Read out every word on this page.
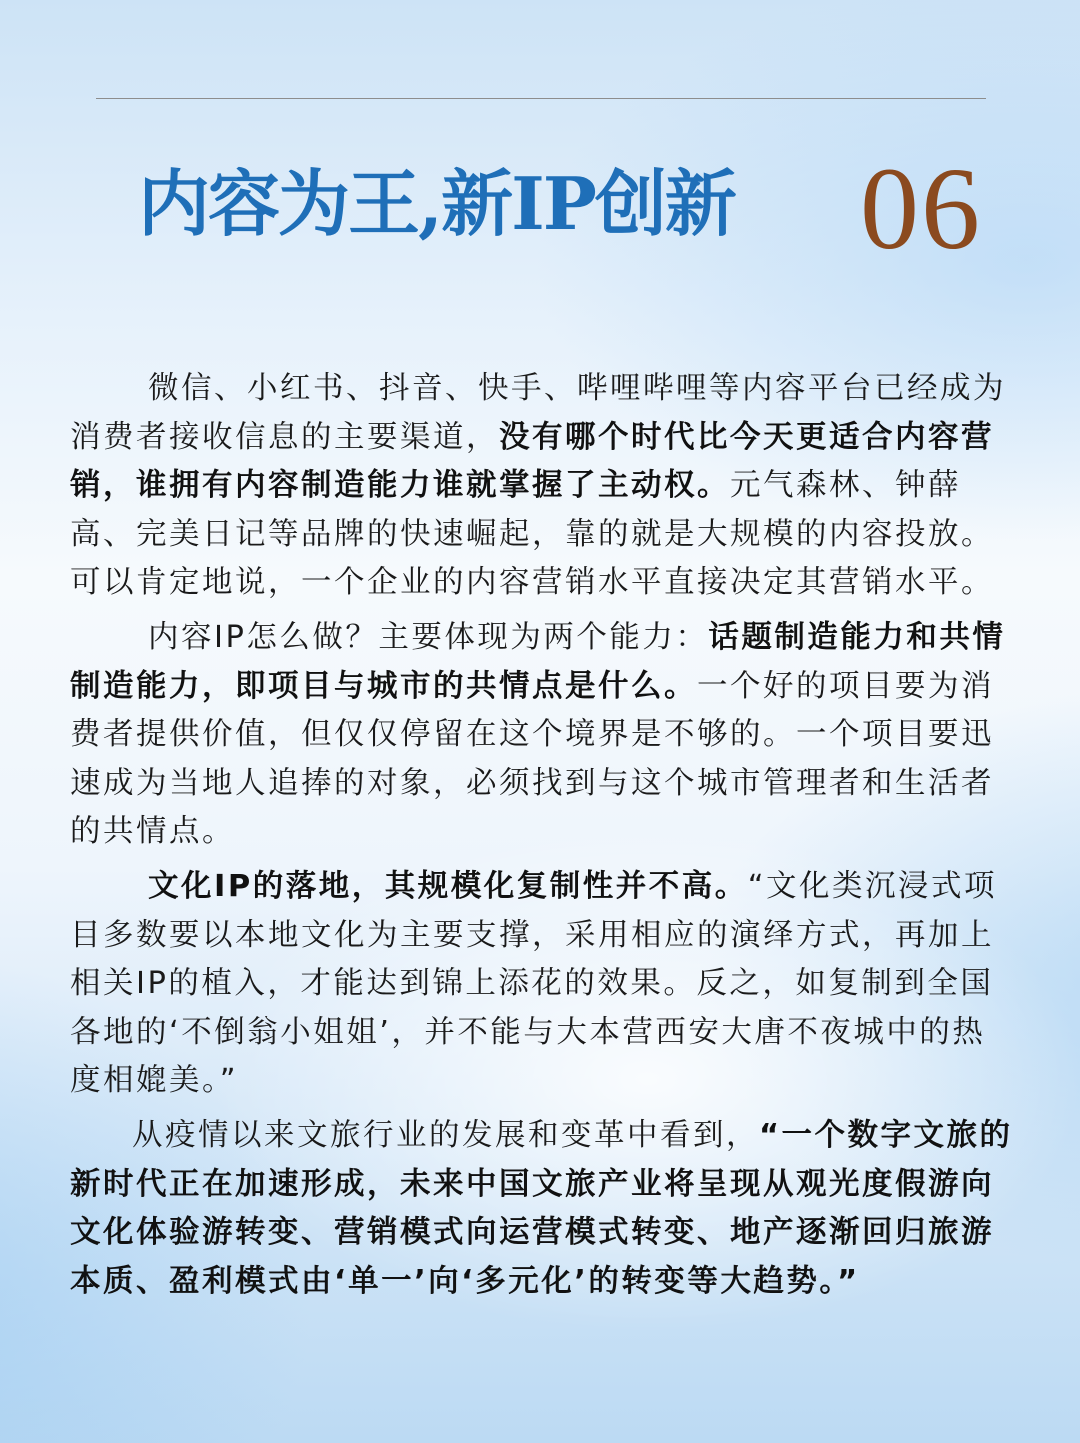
内容为王,新IP创新 06

微信、小红书、抖音、快手、哔哩哔哩等内容平台已经成为消费者接收信息的主要渠道，没有哪个时代比今天更适合内容营销，谁拥有内容制造能力谁就掌握了主动权。元气森林、钟薛高、完美日记等品牌的快速崛起，靠的就是大规模的内容投放。可以肯定地说，一个企业的内容营销水平直接决定其营销水平。

内容IP怎么做？主要体现为两个能力：话题制造能力和共情制造能力，即项目与城市的共情点是什么。一个好的项目要为消费者提供价值，但仅仅停留在这个境界是不够的。一个项目要迅速成为当地人追捧的对象，必须找到与这个城市管理者和生活者的共情点。

文化IP的落地，其规模化复制性并不高。“文化类沉浸式项目多数要以本地文化为主要支撑，采用相应的演绎方式，再加上相关IP的植入，才能达到锦上添花的效果。反之，如复制到全国各地的‘不倒翁小姐姐’，并不能与大本营西安大唐不夜城中的热度相媲美。”

从疫情以来文旅行业的发展和变革中看到，“一个数字文旅的新时代正在加速形成，未来中国文旅产业将呈现从观光度假游向文化体验游转变、营销模式向运营模式转变、地产逐渐回归旅游本质、盈利模式由‘单一’向‘多元化’的转变等大趋势。”
